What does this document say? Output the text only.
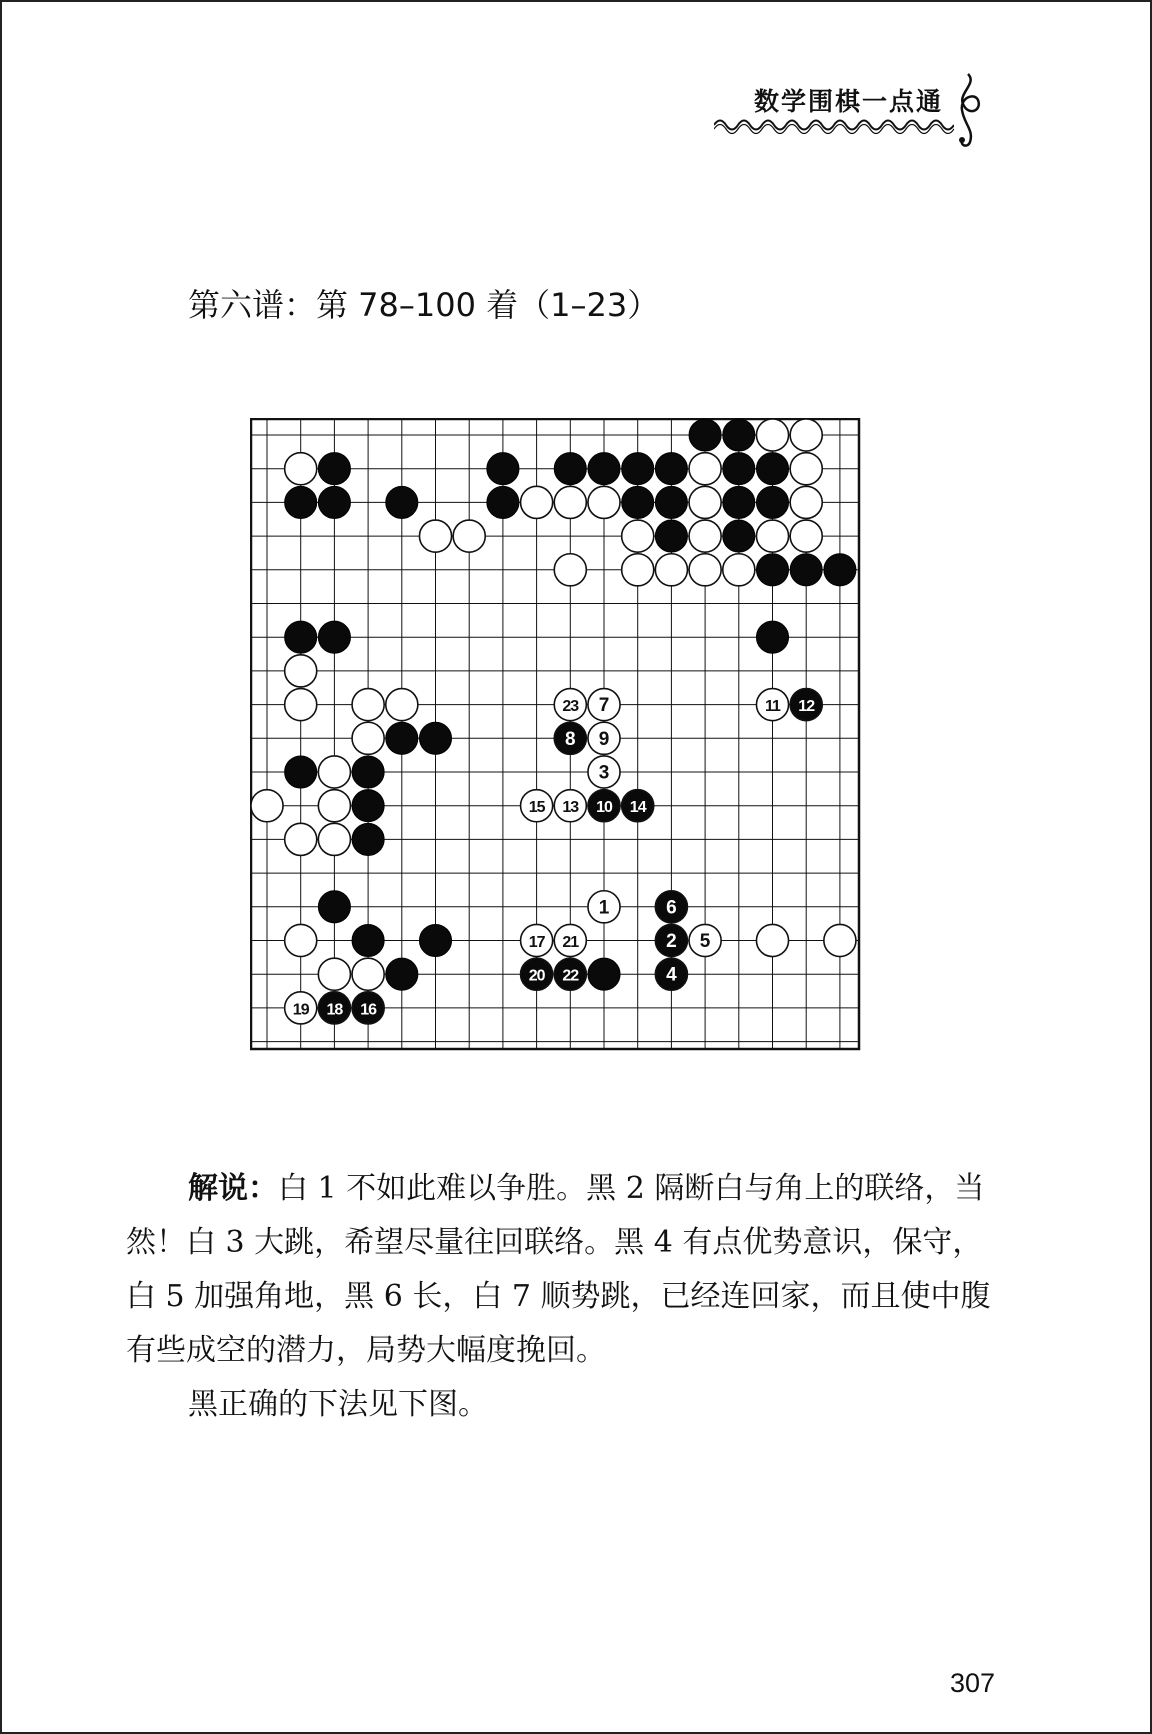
数学围棋一点通
第六谱：第 78–100 着（1–23）
1
2
3
4
5
6
7
8 9
10
11 12
13	14
15
16
17
18
19
20
21
22
23

解说：白 1 不如此难以争胜。黑 2 隔断白与角上的联络，当然！白 3 大跳，希望尽量往回联络。黑 4 有点优势意识，保守，白 5 加强角地，黑 6 长，白 7 顺势跳，已经连回家，而且使中腹有些成空的潜力，局势大幅度挽回。

黑正确的下法见下图。

307
